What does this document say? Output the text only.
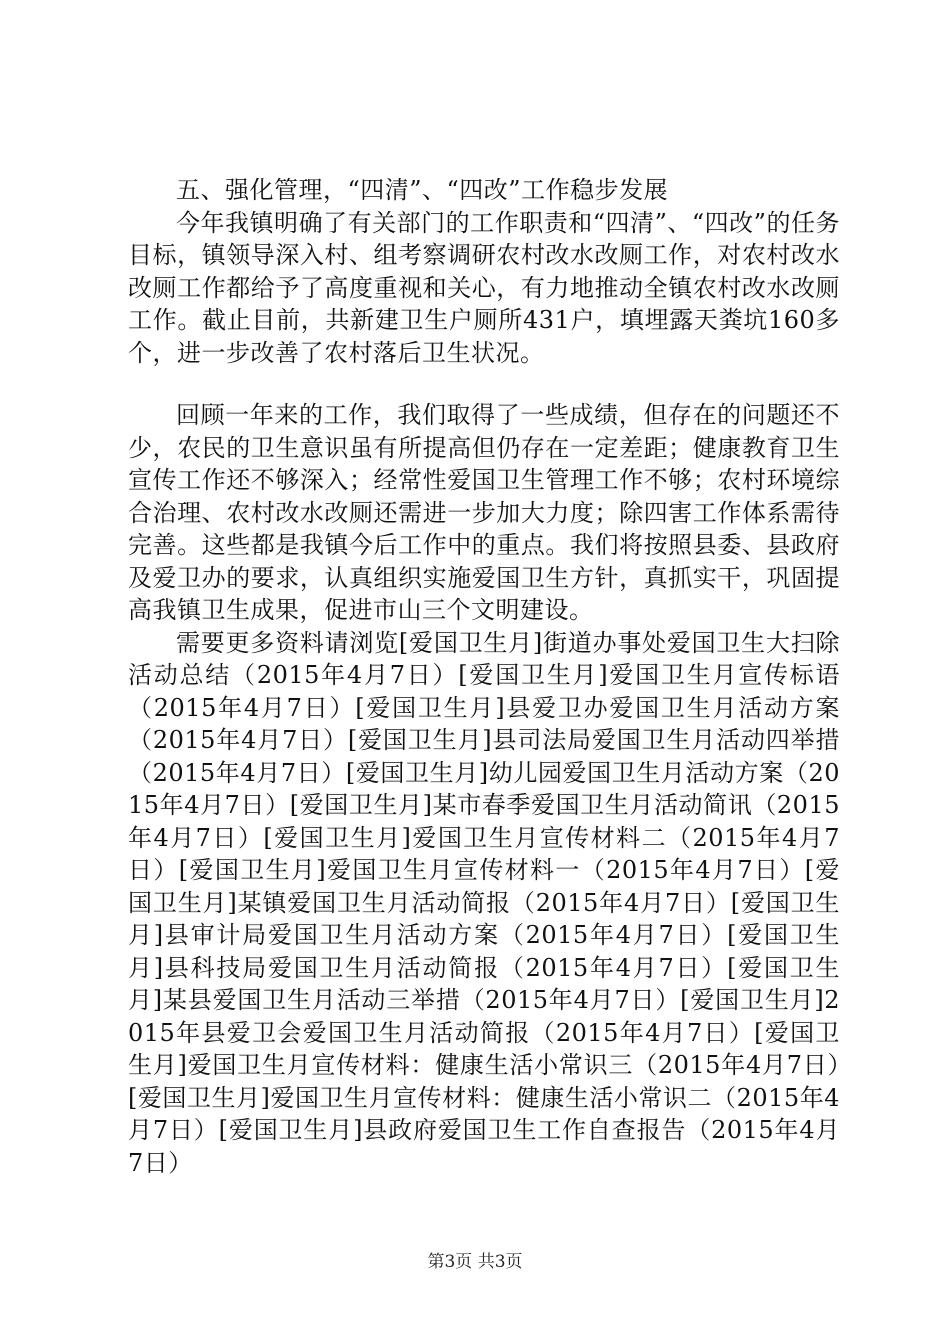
五、强化管理，“四清”、“四改”工作稳步发展

今年我镇明确了有关部门的工作职责和“四清”、“四改”的任务目标，镇领导深入村、组考察调研农村改水改厕工作，对农村改水改厕工作都给予了高度重视和关心，有力地推动全镇农村改水改厕工作。截止目前，共新建卫生户厕所431户，填埋露天粪坑160多个，进一步改善了农村落后卫生状况。

回顾一年来的工作，我们取得了一些成绩，但存在的问题还不少，农民的卫生意识虽有所提高但仍存在一定差距；健康教育卫生宣传工作还不够深入；经常性爱国卫生管理工作不够；农村环境综合治理、农村改水改厕还需进一步加大力度；除四害工作体系需待完善。这些都是我镇今后工作中的重点。我们将按照县委、县政府及爱卫办的要求，认真组织实施爱国卫生方针，真抓实干，巩固提高我镇卫生成果，促进市山三个文明建设。

需要更多资料请浏览[爱国卫生月]街道办事处爱国卫生大扫除活动总结（2015年4月7日）[爱国卫生月]爱国卫生月宣传标语（2015年4月7日）[爱国卫生月]县爱卫办爱国卫生月活动方案（2015年4月7日）[爱国卫生月]县司法局爱国卫生月活动四举措（2015年4月7日）[爱国卫生月]幼儿园爱国卫生月活动方案（2015年4月7日）[爱国卫生月]某市春季爱国卫生月活动简讯（2015年4月7日）[爱国卫生月]爱国卫生月宣传材料二（2015年4月7日）[爱国卫生月]爱国卫生月宣传材料一（2015年4月7日）[爱国卫生月]某镇爱国卫生月活动简报（2015年4月7日）[爱国卫生月]县审计局爱国卫生月活动方案（2015年4月7日）[爱国卫生月]县科技局爱国卫生月活动简报（2015年4月7日）[爱国卫生月]某县爱国卫生月活动三举措（2015年4月7日）[爱国卫生月]2015年县爱卫会爱国卫生月活动简报（2015年4月7日）[爱国卫生月]爱国卫生月宣传材料：健康生活小常识三（2015年4月7日）[爱国卫生月]爱国卫生月宣传材料：健康生活小常识二（2015年4月7日）[爱国卫生月]县政府爱国卫生工作自查报告（2015年4月7日）

第3页 共3页
